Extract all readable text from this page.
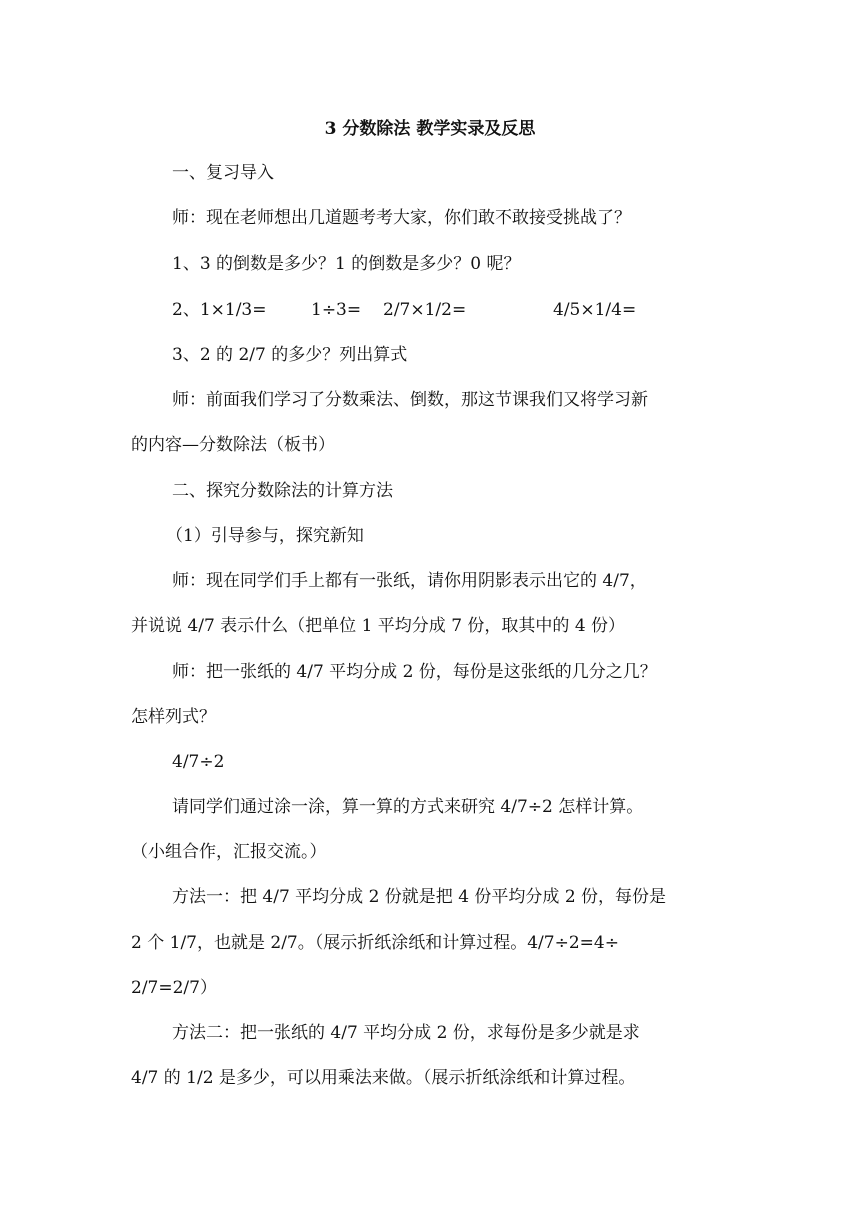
3 分数除法 教学实录及反思
一、复习导入
师：现在老师想出几道题考考大家，你们敢不敢接受挑战了？
1、3 的倒数是多少？1 的倒数是多少？0 呢？
2、1×1/3=	1÷3= 2/7×1/2=	4/5×1/4=
3、2 的 2/7 的多少？列出算式
师：前面我们学习了分数乘法、倒数，那这节课我们又将学习新
的内容—分数除法（板书）
二、探究分数除法的计算方法
（1）引导参与，探究新知
师：现在同学们手上都有一张纸，请你用阴影表示出它的 4/7，
并说说 4/7 表示什么（把单位 1 平均分成 7 份，取其中的 4 份）
师：把一张纸的 4/7 平均分成 2 份，每份是这张纸的几分之几？
怎样列式？
4/7÷2
请同学们通过涂一涂，算一算的方式来研究 4/7÷2 怎样计算。
（小组合作，汇报交流。）
方法一：把 4/7 平均分成 2 份就是把 4 份平均分成 2 份，每份是
2 个 1/7，也就是 2/7。（展示折纸涂纸和计算过程。4/7÷2=4÷
2/7=2/7）
方法二：把一张纸的 4/7 平均分成 2 份，求每份是多少就是求
4/7 的 1/2 是多少，可以用乘法来做。（展示折纸涂纸和计算过程。
